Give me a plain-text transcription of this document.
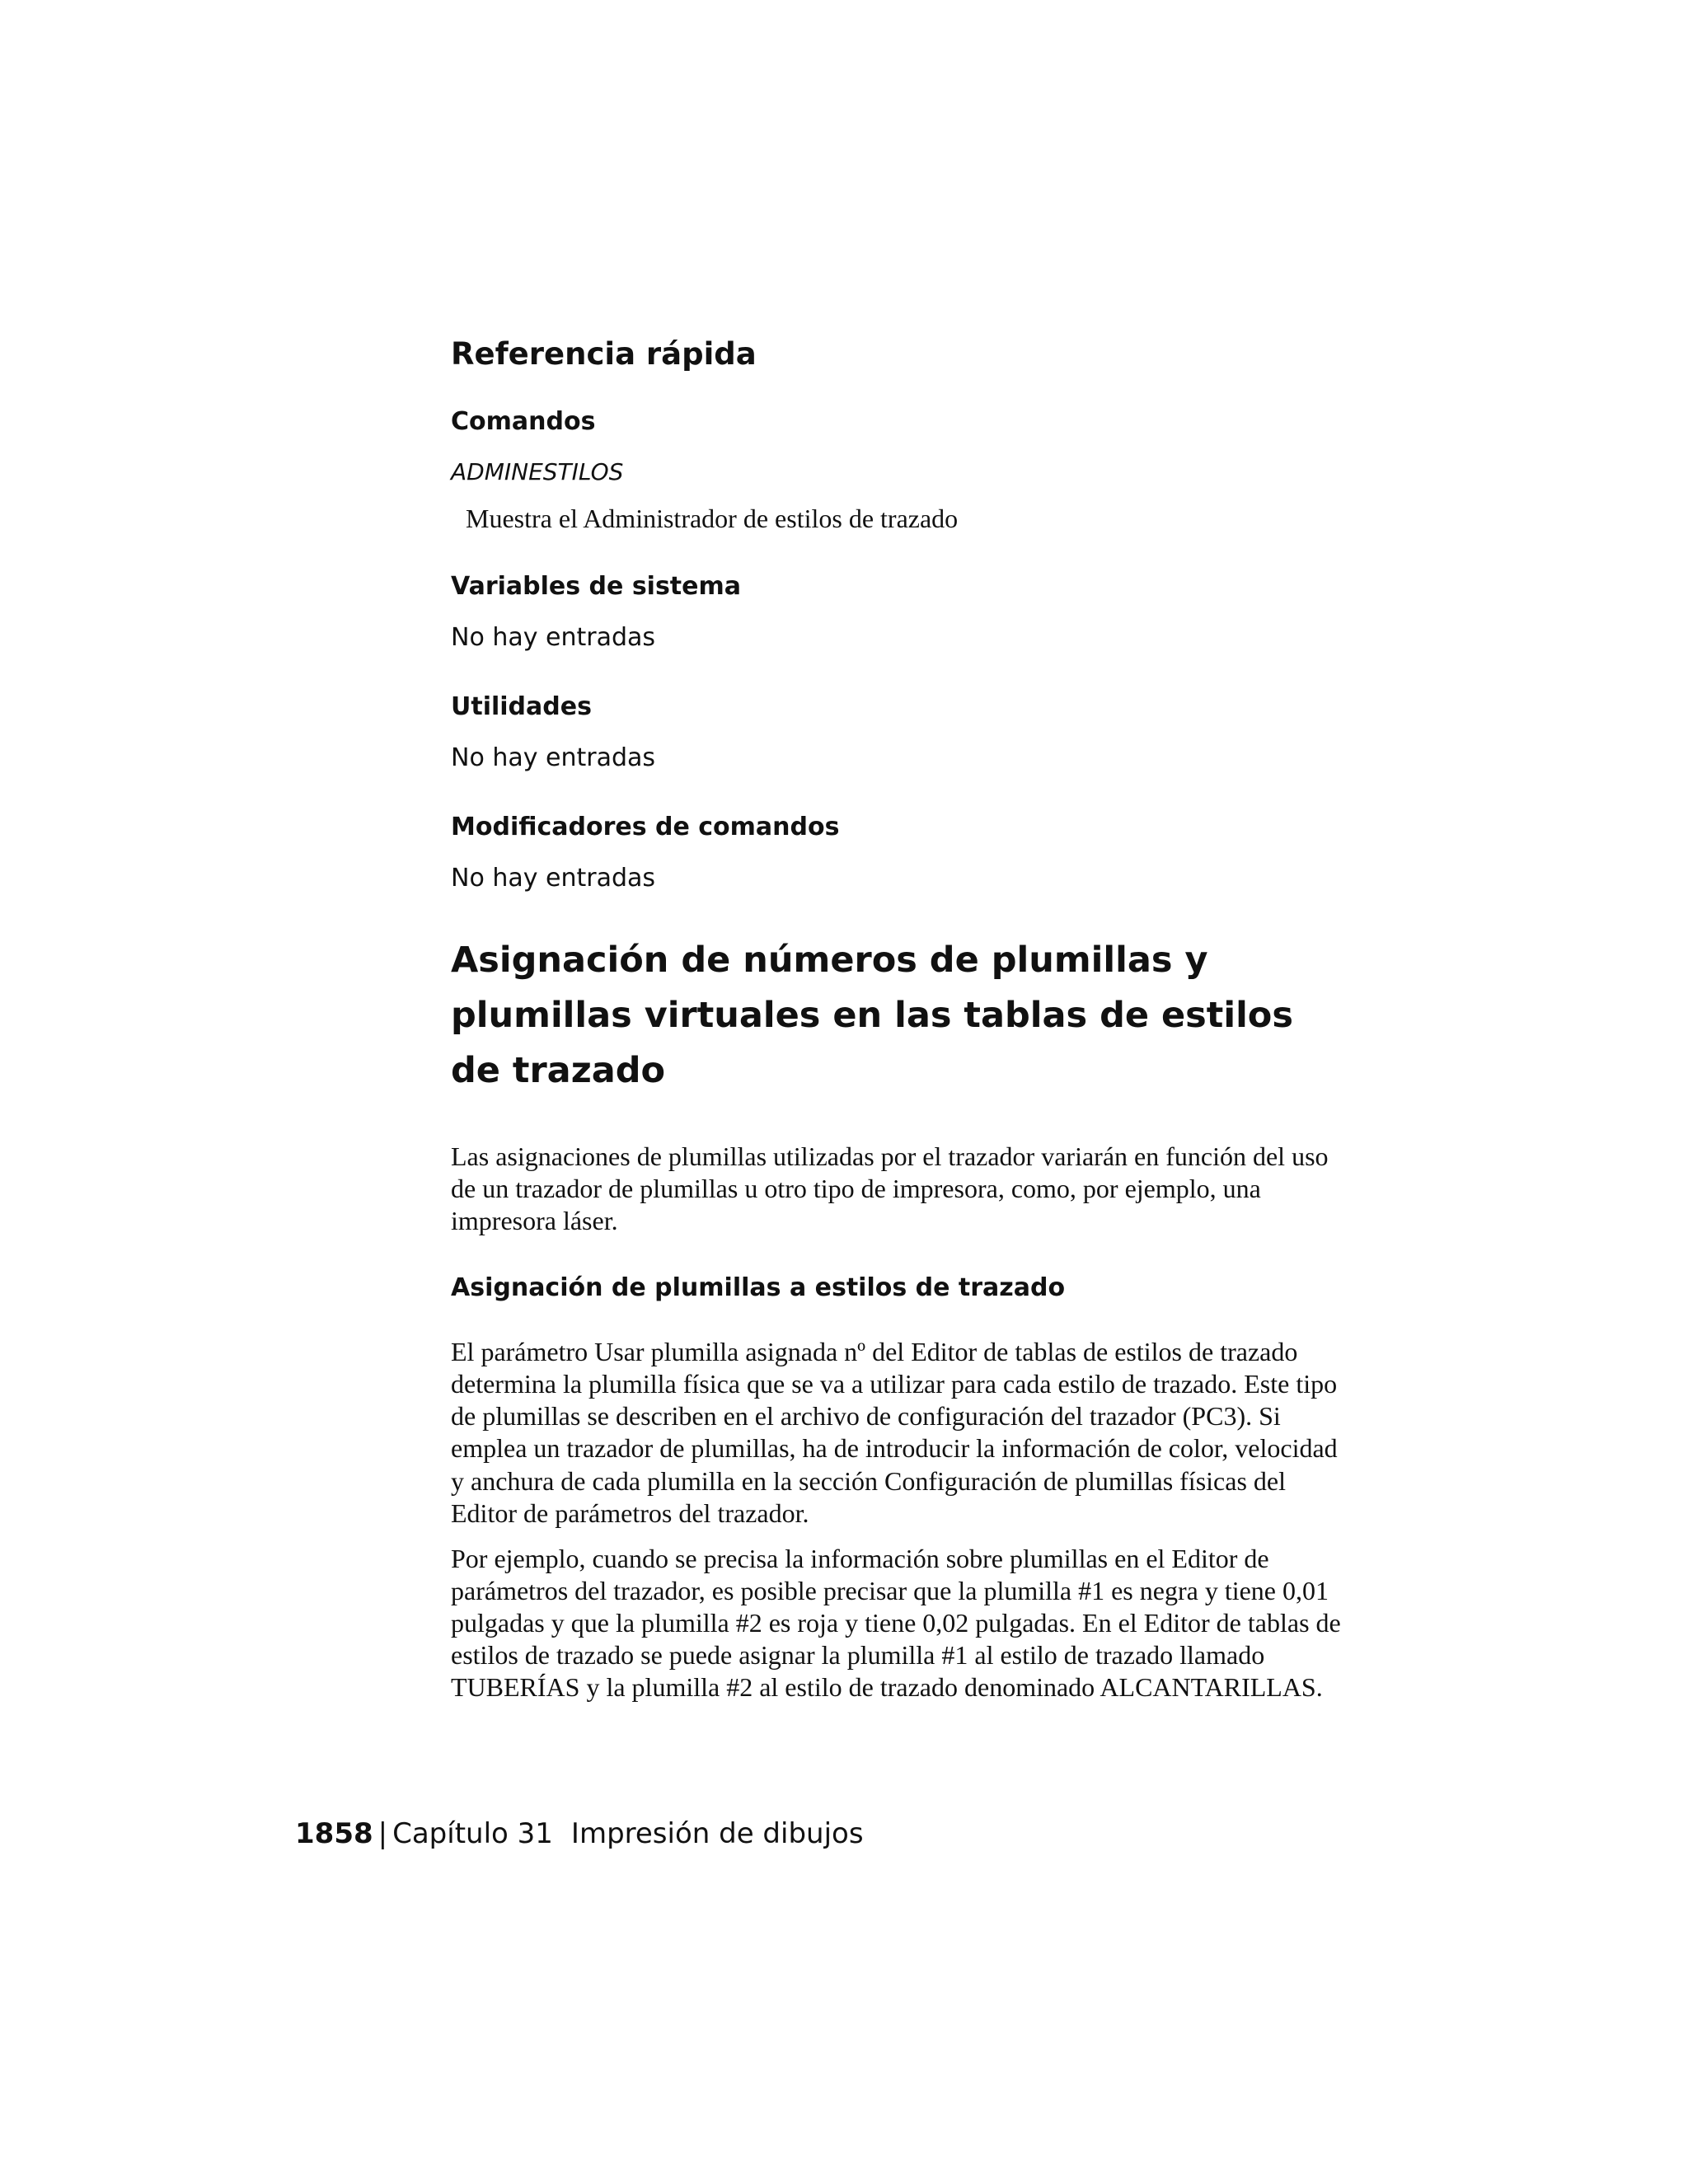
Referencia rápida
Comandos
ADMINESTILOS
Muestra el Administrador de estilos de trazado
Variables de sistema
No hay entradas
Utilidades
No hay entradas
Modificadores de comandos
No hay entradas
Asignación de números de plumillas y plumillas virtuales en las tablas de estilos de trazado

Las asignaciones de plumillas utilizadas por el trazador variarán en función del uso de un trazador de plumillas u otro tipo de impresora, como, por ejemplo, una impresora láser.

Asignación de plumillas a estilos de trazado

El parámetro Usar plumilla asignada nº del Editor de tablas de estilos de trazado determina la plumilla física que se va a utilizar para cada estilo de trazado. Este tipo de plumillas se describen en el archivo de configuración del trazador (PC3). Si emplea un trazador de plumillas, ha de introducir la información de color, velocidad y anchura de cada plumilla en la sección Configuración de plumillas físicas del Editor de parámetros del trazador.

Por ejemplo, cuando se precisa la información sobre plumillas en el Editor de parámetros del trazador, es posible precisar que la plumilla #1 es negra y tiene 0,01 pulgadas y que la plumilla #2 es roja y tiene 0,02 pulgadas. En el Editor de tablas de estilos de trazado se puede asignar la plumilla #1 al estilo de trazado llamado TUBERÍAS y la plumilla #2 al estilo de trazado denominado ALCANTARILLAS.

1858 | Capítulo 31 Impresión de dibujos
